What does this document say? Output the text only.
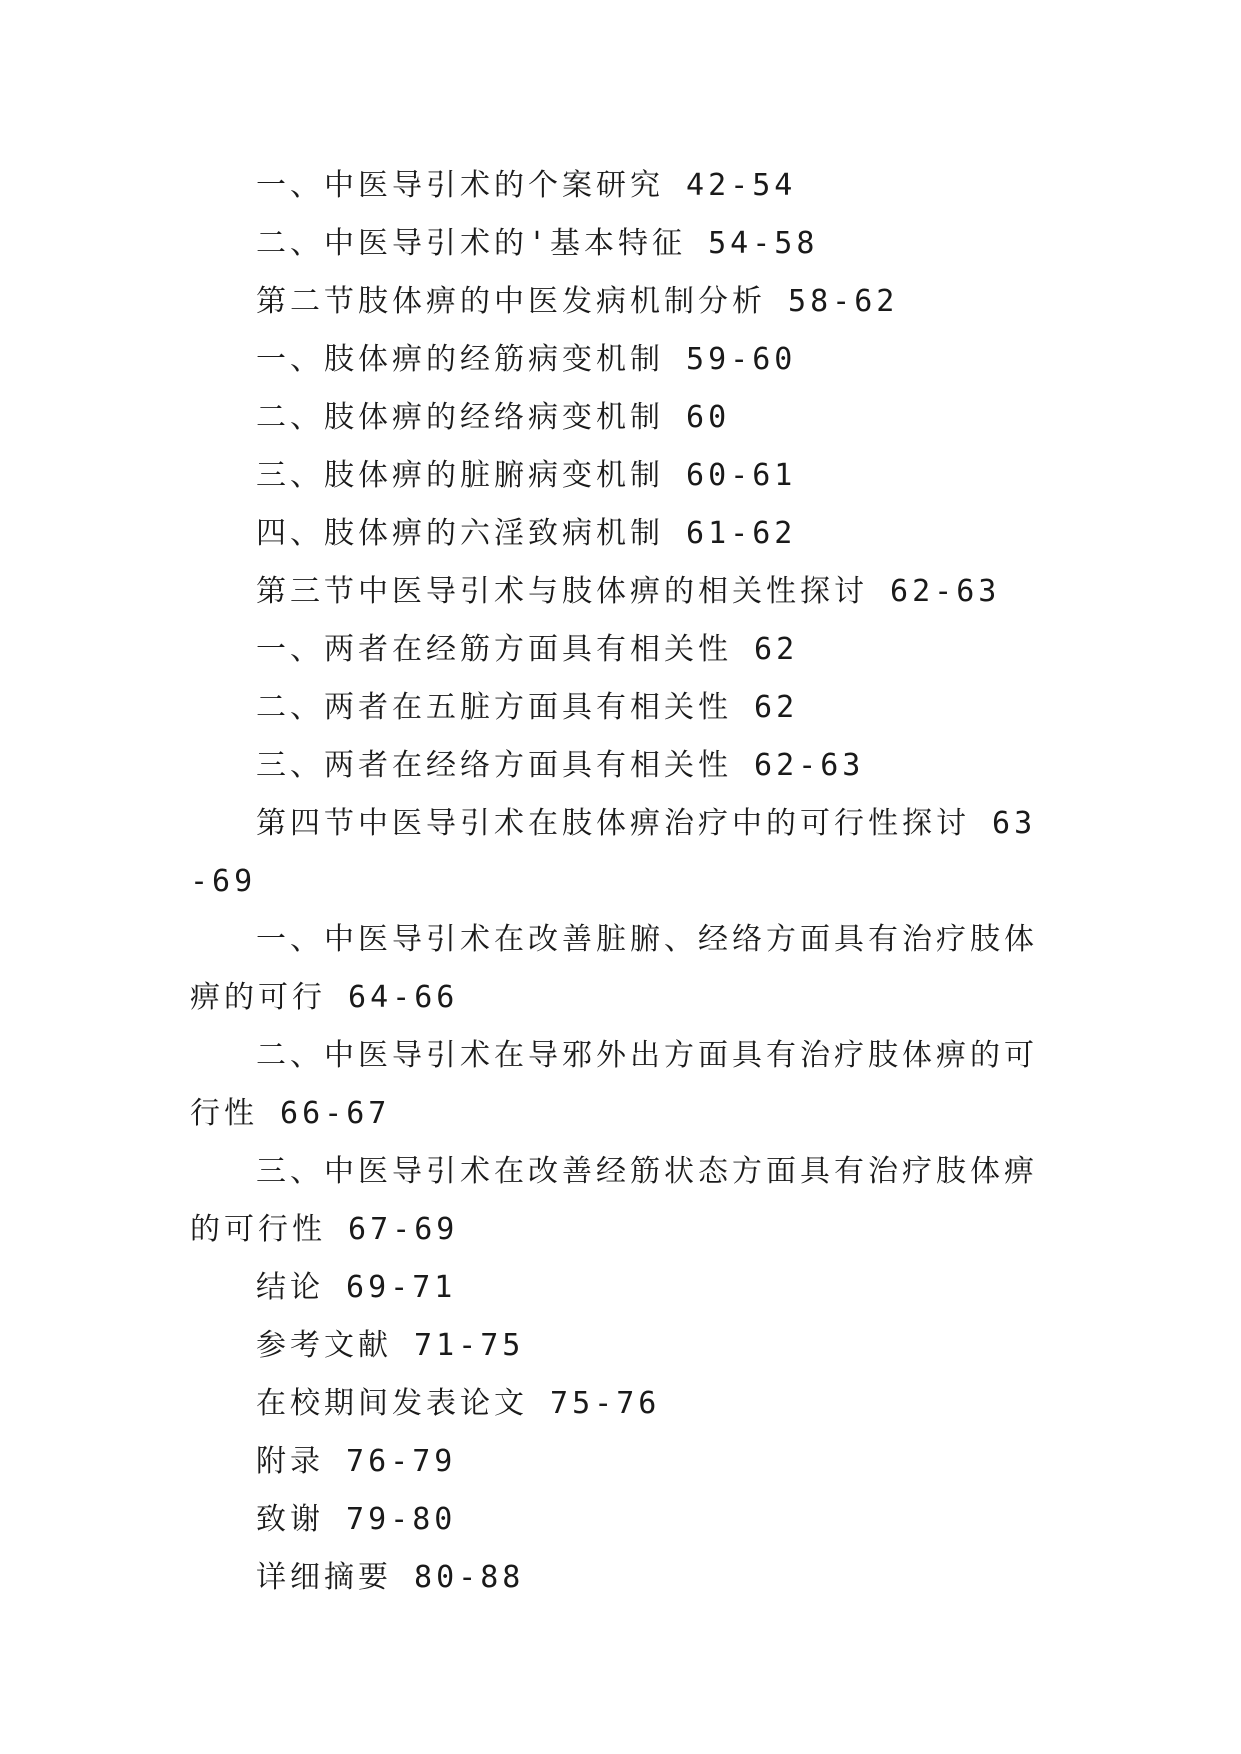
一、中医导引术的个案研究 42-54

二、中医导引术的'基本特征 54-58

第二节肢体痹的中医发病机制分析 58-62

一、肢体痹的经筋病变机制 59-60

二、肢体痹的经络病变机制 60

三、肢体痹的脏腑病变机制 60-61

四、肢体痹的六淫致病机制 61-62

第三节中医导引术与肢体痹的相关性探讨 62-63

一、两者在经筋方面具有相关性 62

二、两者在五脏方面具有相关性 62

三、两者在经络方面具有相关性 62-63

第四节中医导引术在肢体痹治疗中的可行性探讨 63-69

一、中医导引术在改善脏腑、经络方面具有治疗肢体痹的可行 64-66

二、中医导引术在导邪外出方面具有治疗肢体痹的可行性 66-67

三、中医导引术在改善经筋状态方面具有治疗肢体痹的可行性 67-69

结论 69-71

参考文献 71-75

在校期间发表论文 75-76

附录 76-79

致谢 79-80

详细摘要 80-88
